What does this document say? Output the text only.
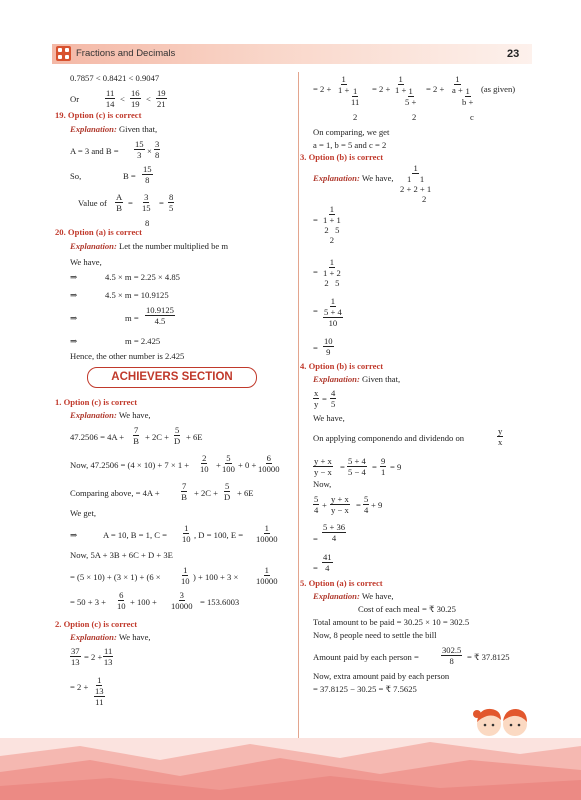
Fractions and Decimals	23
0.7857 < 0.8421 < 0.9047
Or	$\frac{11}{14} < \frac{16}{19} < \frac{19}{21}$
19. Option (c) is correct
Explanation: Given that,
A = 3 and $B = \frac{15}{3} \times \frac{3}{8}$
So,	$B = \frac{15}{8}$
Value of $\frac{A}{B} = \frac{3}{15} = \frac{8}{5}$
8
20. Option (a) is correct
Explanation: Let the number multiplied be m
We have,
⇒	4.5 × m = 2.25 × 4.85
⇒	4.5 × m = 10.9125
⇒	$m = \frac{10.9125}{4.5}$
⇒	m = 2.425
Hence, the other number is 2.425
ACHIEVERS SECTION
1. Option (c) is correct
Explanation: We have,
$47.2506 = 4A + \frac{7}{B} + 2C + \frac{5}{D} + 6E$
Now, $47.2506 = (4 \times 10) + 7 \times 1 + \frac{2}{10} + \frac{5}{100} + 0 + \frac{6}{10000}$
Comparing above, = $4A + \frac{7}{B} + 2C + \frac{5}{D} + 6E$
We get,
⇒	A = 10, B = 1, $C = \frac{1}{10}$ , D = 100, $E = \frac{1}{10000}$
Now, 5A + 3B + 6C + D + 3E
= $(5 \times 10) + (3 \times 1) + (6 \times \frac{1}{10}$ ) + $100 + 3 \times \frac{1}{10000}$
= $50 + 3 + \frac{6}{10} + 100 + \frac{3}{10000} = 153.6003$
2. Option (c) is correct
Explanation: We have,
$\frac{37}{13} = 2 + \frac{11}{13}$
= 2 +
1
13
11
= $2 + \frac{1}{1 +}$
$\frac{1}{11} = 2 + \frac{1}{1 +}$
$\frac{1}{5 +}$
2
= $2 + \frac{1}{a +}$
$\frac{1}{b +}$
c
(as given)
2
On comparing, we get
a = 1, b = 5 and c = 2
3. Option (b) is correct
Explanation: We have,
1
1    1
2 + 2 + 1
2
=
1
1 + 1
2   5
2
=
1
1 + 2
2   5
=
1
5 + 4
10
= $\frac{10}{9}$
4. Option (b) is correct
Explanation: Given that,
$\frac{x}{y} = \frac{4}{5}$
We have,
On applying componendo and dividendo on	$\frac{y}{x}$
$\frac{y + x}{y - x} = \frac{5 + 4}{5 - 4} = \frac{9}{1} = 9$
Now,
$\frac{5}{4} + \frac{y + x}{y - x} = \frac{5}{4} + 9$
= $\frac{5 + 36}{4}$
= $\frac{41}{4}$
5. Option (a) is correct
Explanation: We have,
Cost of each meal = ₹ 30.25
Total amount to be paid = 30.25 × 10 = 302.5
Now, 8 people need to settle the bill
Amount paid by each person =	$\frac{302.5}{8}$ = ₹ 37.8125
Now, extra amount paid by each person
= 37.8125 − 30.25 = ₹ 7.5625
